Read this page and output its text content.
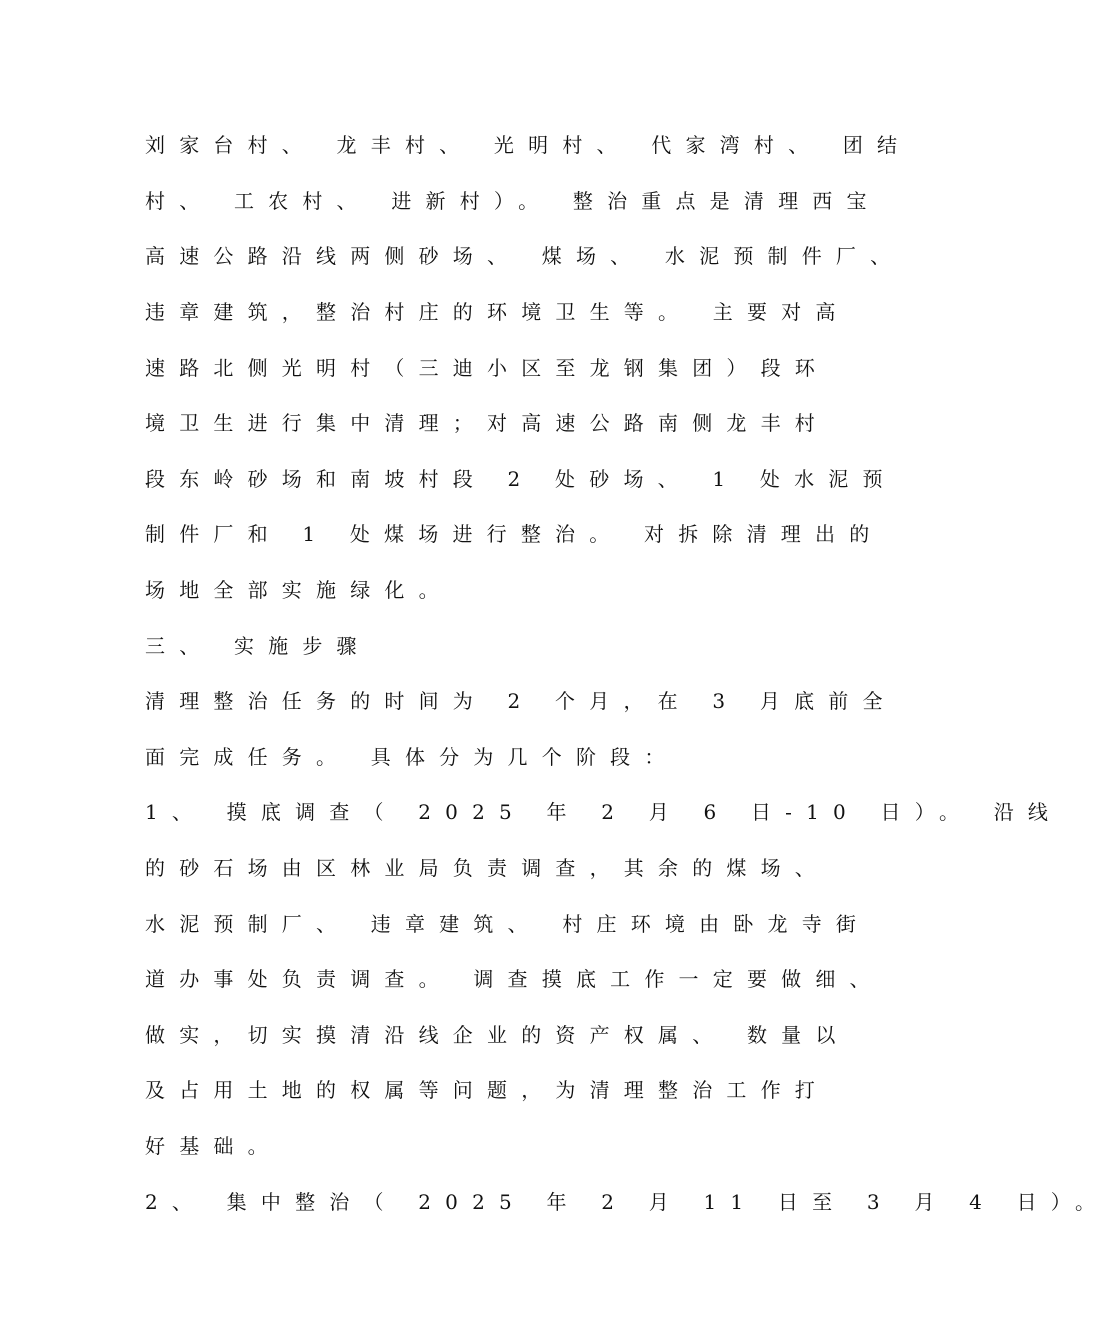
刘家台村、 龙丰村、 光明村、 代家湾村、 团结
村、 工农村、 进新村）。 整治重点是清理西宝
高速公路沿线两侧砂场、 煤场、 水泥预制件厂、
违章建筑，整治村庄的环境卫生等。 主要对高
速路北侧光明村（三迪小区至龙钢集团）段环
境卫生进行集中清理；对高速公路南侧龙丰村
段东岭砂场和南坡村段 2 处砂场、 1 处水泥预
制件厂和 1 处煤场进行整治。 对拆除清理出的
场地全部实施绿化。
三、 实施步骤
清理整治任务的时间为 2 个月，在 3 月底前全
面完成任务。 具体分为几个阶段：
1、 摸底调查（ 2025 年 2 月 6 日-10 日）。 沿线
的砂石场由区林业局负责调查，其余的煤场、
水泥预制厂、 违章建筑、 村庄环境由卧龙寺街
道办事处负责调查。 调查摸底工作一定要做细、
做实，切实摸清沿线企业的资产权属、 数量以
及占用土地的权属等问题，为清理整治工作打
好基础。
2、 集中整治（ 2025 年 2 月 11 日至 3 月 4 日）。
